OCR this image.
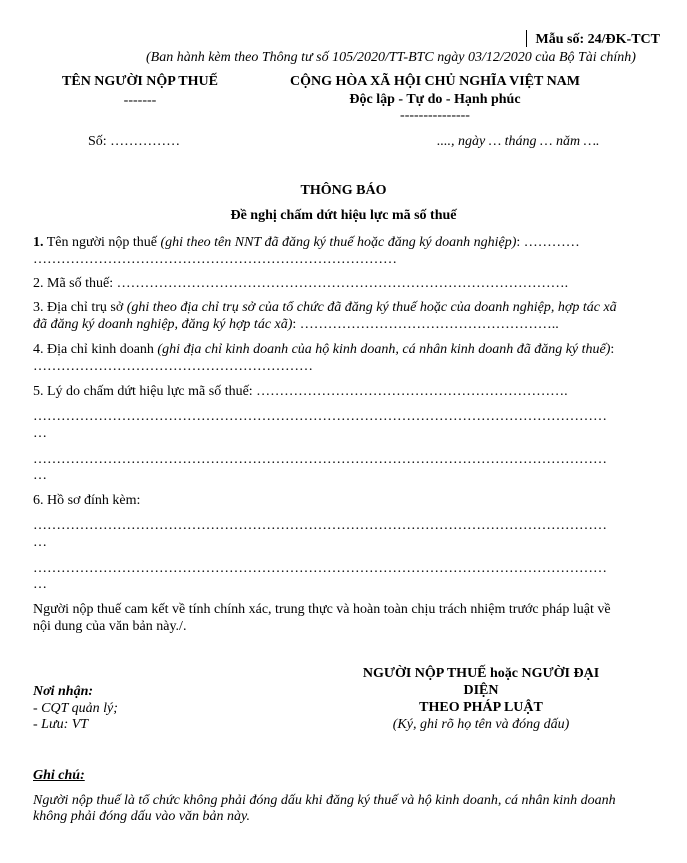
Mẫu số: 24/ĐK-TCT
(Ban hành kèm theo Thông tư số 105/2020/TT-BTC ngày 03/12/2020 của Bộ Tài chính)
TÊN NGƯỜI NỘP THUẾ
-------
CỘNG HÒA XÃ HỘI CHỦ NGHĨA VIỆT NAM
Độc lập - Tự do - Hạnh phúc
---------------
Số: ……………	...., ngày … tháng … năm ….
THÔNG BÁO
Đề nghị chấm dứt hiệu lực mã số thuế
1. Tên người nộp thuế (ghi theo tên NNT đã đăng ký thuế hoặc đăng ký doanh nghiệp): …………
……………………………………………………………………
2. Mã số thuế: …………………………………………………………………………………….
3. Địa chỉ trụ sở (ghi theo địa chỉ trụ sở của tổ chức đã đăng ký thuế hoặc của doanh nghiệp, hợp tác xã
đã đăng ký doanh nghiệp, đăng ký hợp tác xã): ………………………………………………..
4. Địa chỉ kinh doanh (ghi địa chỉ kinh doanh của hộ kinh doanh, cá nhân kinh doanh đã đăng ký thuế):
……………………………………………………
5. Lý do chấm dứt hiệu lực mã số thuế: ………………………………………………………….
……………………………………………………………………………………………………………
…
……………………………………………………………………………………………………………
…
6. Hồ sơ đính kèm:
……………………………………………………………………………………………………………
…
……………………………………………………………………………………………………………
…
Người nộp thuế cam kết về tính chính xác, trung thực và hoàn toàn chịu trách nhiệm trước pháp luật về
nội dung của văn bản này./.
NGƯỜI NỘP THUẾ hoặc NGƯỜI ĐẠI
DIỆN
THEO PHÁP LUẬT
(Ký, ghi rõ họ tên và đóng dấu)
Nơi nhận:
- CQT quản lý;
- Lưu: VT
Ghi chú:
Người nộp thuế là tổ chức không phải đóng dấu khi đăng ký thuế và hộ kinh doanh, cá nhân kinh doanh
không phải đóng dấu vào văn bản này.
